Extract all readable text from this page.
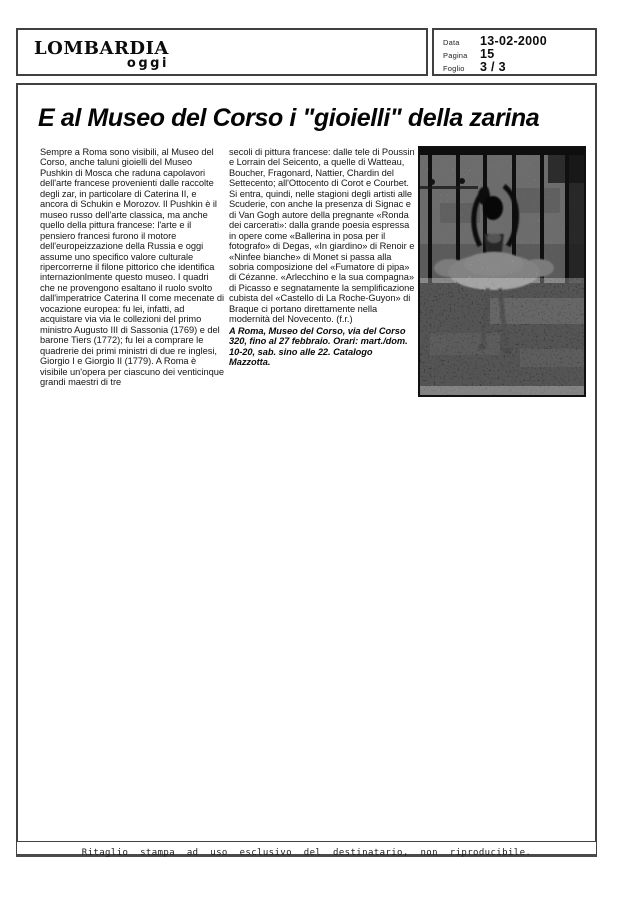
LOMBARDIA
oggi
Data	13-02-2000
Pagina 15
Foglio	3 / 3
E al Museo del Corso i "gioielli" della zarina
Sempre a Roma sono visibili, al Museo del Corso, anche taluni gioielli del Museo Pushkin di Mosca che raduna capolavori dell'arte francese provenienti dalle raccolte degli zar, in particolare di Caterina II, e ancora di Schukin e Morozov. Il Pushkin è il museo russo dell'arte classica, ma anche quello della pittura francese: l'arte e il pensiero francesi furono il motore dell'europeizzazione della Russia e oggi assume uno specifico valore culturale ripercorrerne il filone pittorico che identifica internazionlmente questo museo. I quadri che ne provengono esaltano il ruolo svolto dall'imperatrice Caterina II come mecenate di vocazione europea: fu lei, infatti, ad acquistare via via le collezioni del primo ministro Augusto III di Sassonia (1769) e del barone Tiers (1772); fu lei a comprare le quadrerie dei primi ministri di due re inglesi, Giorgio I e Giorgio II (1779). A Roma è visibile un'opera per ciascuno dei venticinque grandi maestri di tre
secoli di pittura francese: dalle tele di Poussin e Lorrain del Seicento, a quelle di Watteau, Boucher, Fragonard, Nattier, Chardin del Settecento; all'Ottocento di Corot e Courbet. Si entra, quindi, nelle stagioni degli artisti alle Scuderie, con anche la presenza di Signac e di Van Gogh autore della pregnante «Ronda dei carcerati»: dalla grande poesia espressa in opere come «Ballerina in posa per il fotografo» di Degas, «In giardino» di Renoir e «Ninfee bianche» di Monet si passa alla sobria composizione del «Fumatore di pipa» di Cézanne. «Arlecchino e la sua compagna» di Picasso e segnatamente la semplificazione cubista del «Castello di La Roche-Guyon» di Braque ci portano direttamente nella modernità del Novecento. (f.r.)
A Roma, Museo del Corso, via del Corso 320, fino al 27 febbraio. Orari: mart./dom. 10-20, sab. sino alle 22. Catalogo Mazzotta.
Ritaglio stampa ad uso esclusivo del destinatario, non riproducibile.
